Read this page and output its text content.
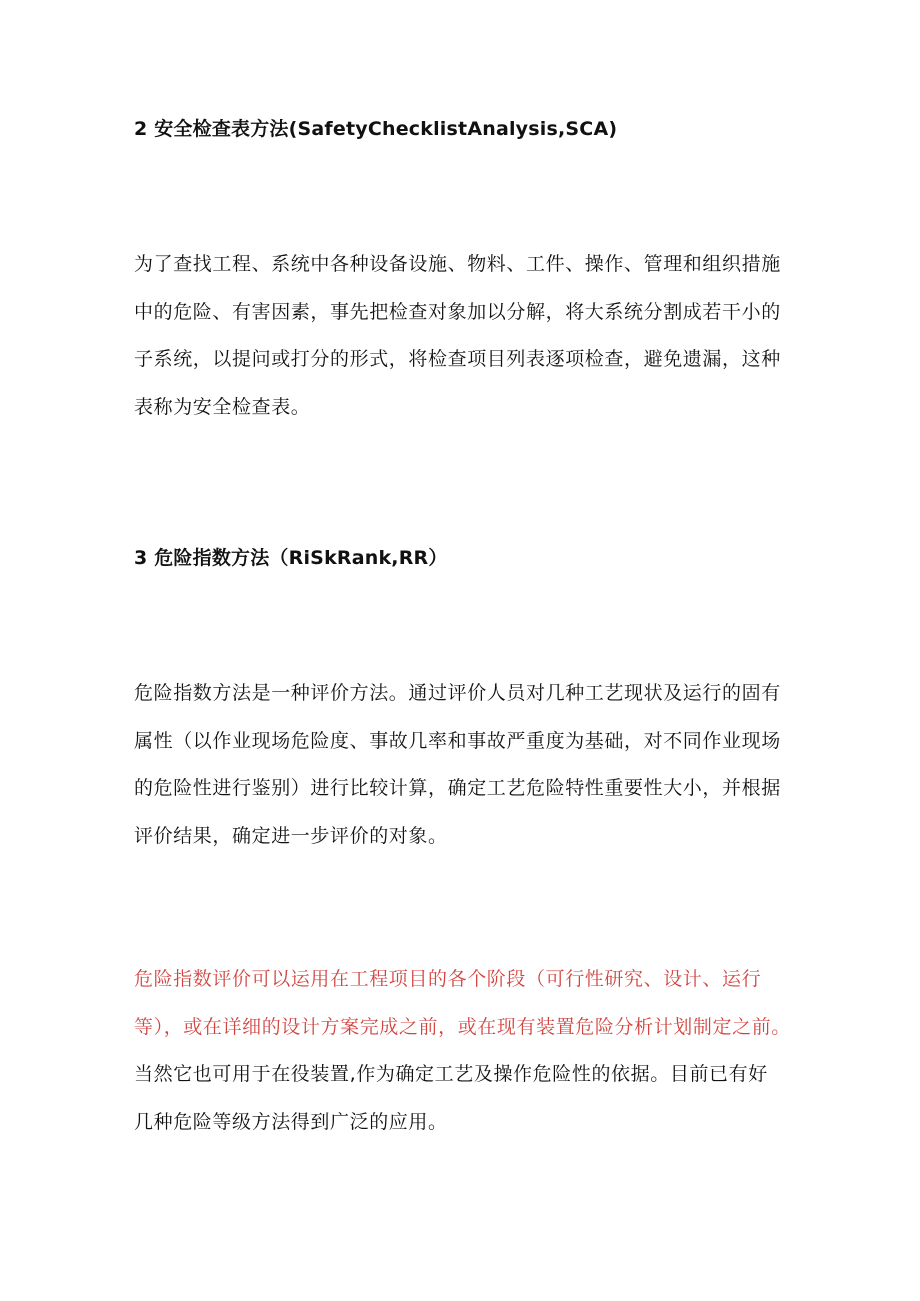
2 安全检查表方法(SafetyChecklistAnalysis,SCA)
为了查找工程、系统中各种设备设施、物料、工件、操作、管理和组织措施
中的危险、有害因素，事先把检查对象加以分解，将大系统分割成若干小的
子系统，以提问或打分的形式，将检查项目列表逐项检查，避免遗漏，这种
表称为安全检查表。
3 危险指数方法（RiSkRank,RR）
危险指数方法是一种评价方法。通过评价人员对几种工艺现状及运行的固有
属性（以作业现场危险度、事故几率和事故严重度为基础，对不同作业现场
的危险性进行鉴别）进行比较计算，确定工艺危险特性重要性大小，并根据
评价结果，确定进一步评价的对象。
危险指数评价可以运用在工程项目的各个阶段（可行性研究、设计、运行
等），或在详细的设计方案完成之前，或在现有装置危险分析计划制定之前。
当然它也可用于在役装置,作为确定工艺及操作危险性的依据。目前已有好
几种危险等级方法得到广泛的应用。
